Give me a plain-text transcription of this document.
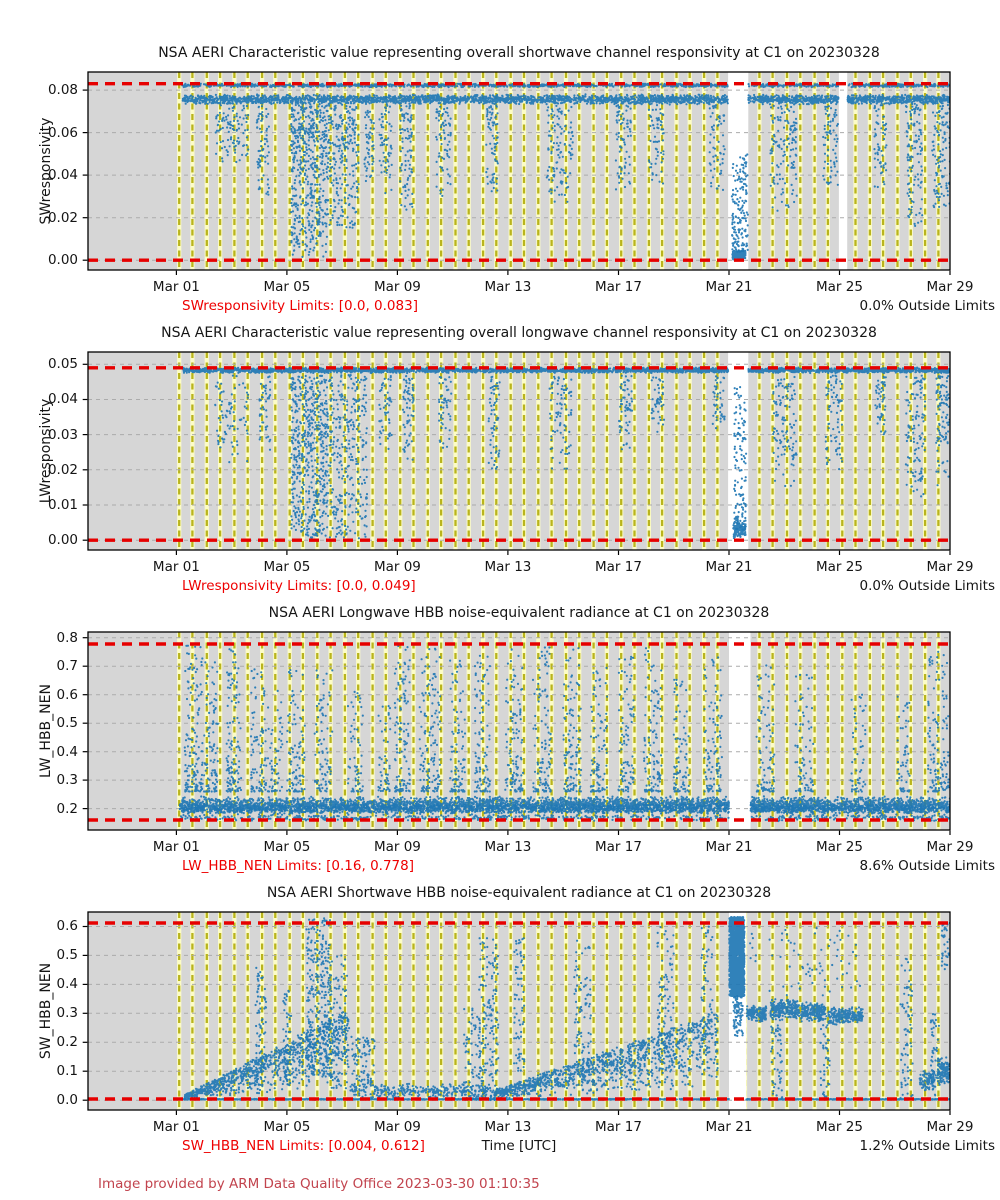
NSA AERI Characteristic value representing overall shortwave channel responsivity at C1 on 20230328
SWresponsivity
0.00
0.02
0.04
0.06
0.08
Mar 01	Mar 05	Mar 09	Mar 13	Mar 17	Mar 21	Mar 25	Mar 29
SWresponsivity Limits: [0.0, 0.083]	0.0% Outside Limits
NSA AERI Characteristic value representing overall longwave channel responsivity at C1 on 20230328
LWresponsivity
0.00
0.01
0.02
0.03
0.04
0.05
Mar 01	Mar 05	Mar 09	Mar 13	Mar 17	Mar 21	Mar 25	Mar 29
LWresponsivity Limits: [0.0, 0.049]	0.0% Outside Limits
NSA AERI Longwave HBB noise-equivalent radiance at C1 on 20230328
LW_HBB_NEN
0.2
0.3
0.4
0.5
0.6
0.7
0.8
Mar 01	Mar 05	Mar 09	Mar 13	Mar 17	Mar 21	Mar 25	Mar 29
LW_HBB_NEN Limits: [0.16, 0.778]	8.6% Outside Limits
NSA AERI Shortwave HBB noise-equivalent radiance at C1 on 20230328
SW_HBB_NEN
0.0
0.1
0.2
0.3
0.4
0.5
0.6
Mar 01	Mar 05	Mar 09	Mar 13	Mar 17	Mar 21	Mar 25	Mar 29
SW_HBB_NEN Limits: [0.004, 0.612]	Time [UTC]	1.2% Outside Limits
Image provided by ARM Data Quality Office 2023-03-30 01:10:35
